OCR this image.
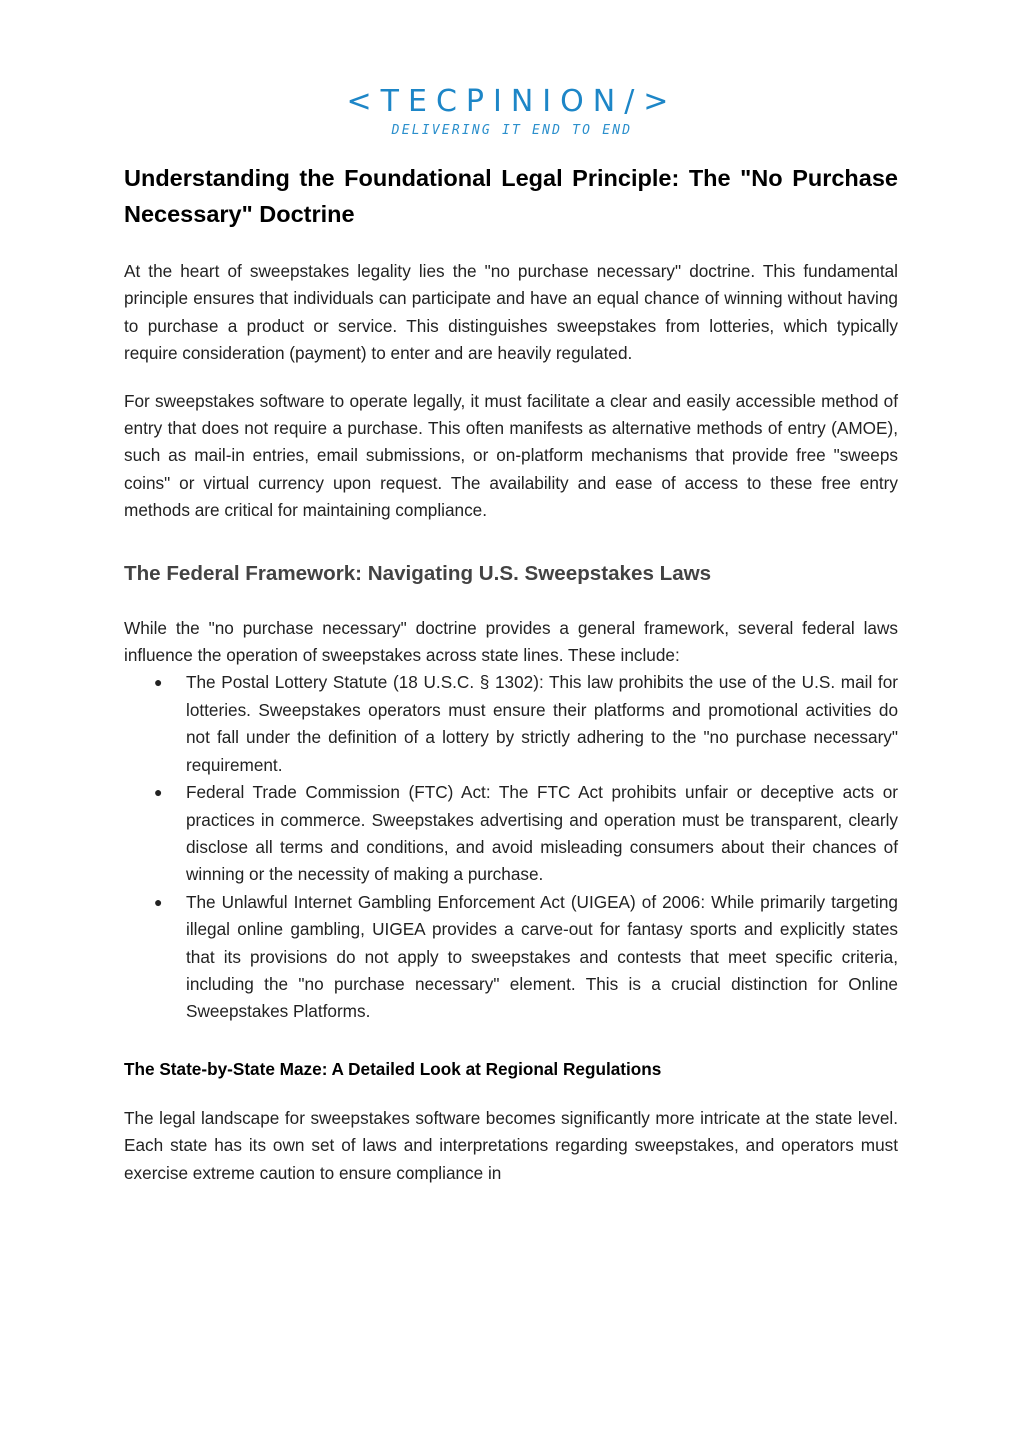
<TECPINION/>
DELIVERING IT END TO END
Understanding the Foundational Legal Principle: The "No Purchase Necessary" Doctrine

At the heart of sweepstakes legality lies the "no purchase necessary" doctrine. This fundamental principle ensures that individuals can participate and have an equal chance of winning without having to purchase a product or service. This distinguishes sweepstakes from lotteries, which typically require consideration (payment) to enter and are heavily regulated.

For sweepstakes software to operate legally, it must facilitate a clear and easily accessible method of entry that does not require a purchase. This often manifests as alternative methods of entry (AMOE), such as mail-in entries, email submissions, or on-platform mechanisms that provide free "sweeps coins" or virtual currency upon request. The availability and ease of access to these free entry methods are critical for maintaining compliance.

The Federal Framework: Navigating U.S. Sweepstakes Laws

While the "no purchase necessary" doctrine provides a general framework, several federal laws influence the operation of sweepstakes across state lines. These include:

● The Postal Lottery Statute (18 U.S.C. § 1302): This law prohibits the use of the U.S. mail for lotteries. Sweepstakes operators must ensure their platforms and promotional activities do not fall under the definition of a lottery by strictly adhering to the "no purchase necessary" requirement.
● Federal Trade Commission (FTC) Act: The FTC Act prohibits unfair or deceptive acts or practices in commerce. Sweepstakes advertising and operation must be transparent, clearly disclose all terms and conditions, and avoid misleading consumers about their chances of winning or the necessity of making a purchase.
● The Unlawful Internet Gambling Enforcement Act (UIGEA) of 2006: While primarily targeting illegal online gambling, UIGEA provides a carve-out for fantasy sports and explicitly states that its provisions do not apply to sweepstakes and contests that meet specific criteria, including the "no purchase necessary" element. This is a crucial distinction for Online Sweepstakes Platforms.
The State-by-State Maze: A Detailed Look at Regional Regulations

The legal landscape for sweepstakes software becomes significantly more intricate at the state level. Each state has its own set of laws and interpretations regarding sweepstakes, and operators must exercise extreme caution to ensure compliance in
